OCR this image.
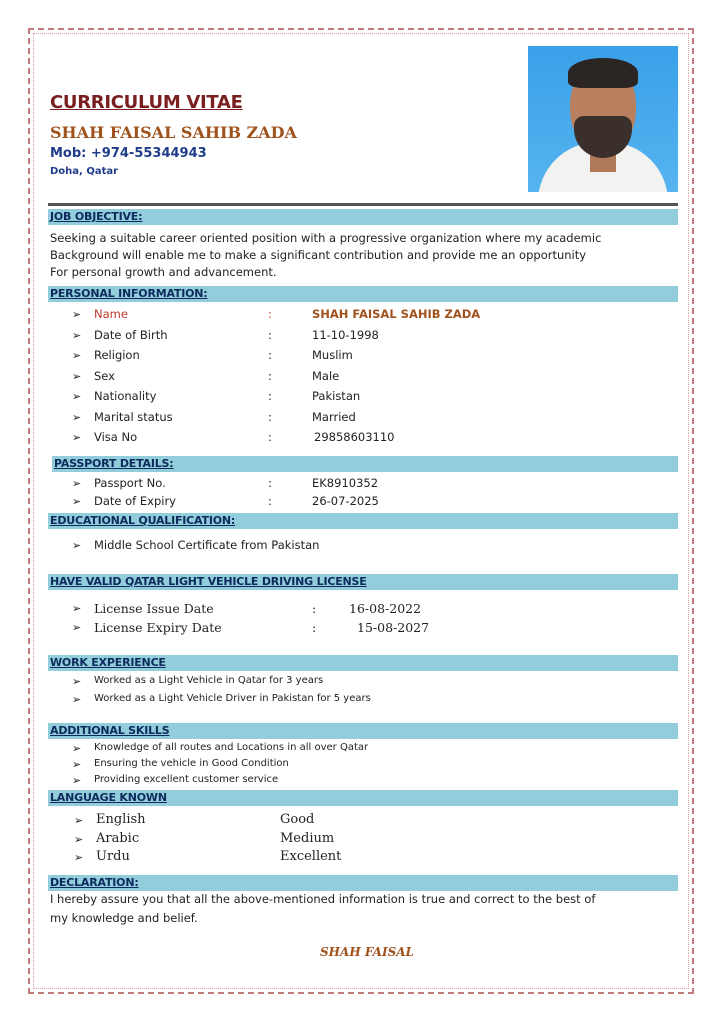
CURRICULUM VITAE
SHAH FAISAL SAHIB ZADA
Mob: +974-55344943
Doha, Qatar
JOB OBJECTIVE:
Seeking a suitable career oriented position with a progressive organization where my academic
Background will enable me to make a significant contribution and provide me an opportunity
For personal growth and advancement.
PERSONAL INFORMATION:
➢ Name	:	SHAH FAISAL SAHIB ZADA
➢ Date of Birth	:	11-10-1998
➢ Religion	:	Muslim
➢ Sex	:	Male
➢ Nationality	:	Pakistan
➢ Marital status	:	Married
➢ Visa No	:	29858603110
PASSPORT DETAILS:
➢ Passport No.	:	EK8910352
➢ Date of Expiry	:	26-07-2025
EDUCATIONAL QUALIFICATION:
➢ Middle School Certificate from Pakistan
HAVE VALID QATAR LIGHT VEHICLE DRIVING LICENSE
➢ License Issue Date	:	16-08-2022
➢ License Expiry Date	:	15-08-2027
WORK EXPERIENCE
➢ Worked as a Light Vehicle in Qatar for 3 years
➢ Worked as a Light Vehicle Driver in Pakistan for 5 years
ADDITIONAL SKILLS
➢ Knowledge of all routes and Locations in all over Qatar
➢ Ensuring the vehicle in Good Condition
➢ Providing excellent customer service
LANGUAGE KNOWN
➢ English	Good
➢ Arabic	Medium
➢ Urdu	Excellent
DECLARATION:
I hereby assure you that all the above-mentioned information is true and correct to the best of
my knowledge and belief.
SHAH FAISAL
